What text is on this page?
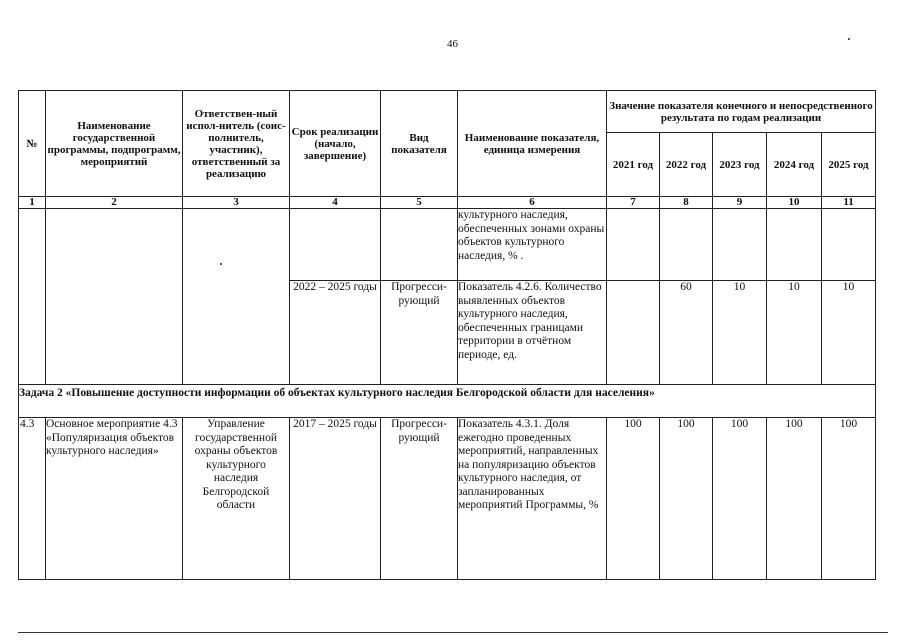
46
№	Наименование государственной программы, подпрограмм, мероприятий	Ответствен-ный испол-нитель (соис-полнитель, участник), ответственный за реализацию	Срок реализации (начало, завершение)	Вид показателя	Наименование показателя, единица измерения	Значение показателя конечного и непосредственного результата по годам реализации				
						2021 год	2022 год	2023 год	2024 год	2025 год
1	2	3	4	5	6	7	8	9	10	11
					культурного наследия, обеспеченных зонами охраны объектов культурного наследия, % .					
			2022 – 2025 годы	Прогресси-рующий	Показатель 4.2.6. Количество выявленных объектов культурного наследия, обеспеченных границами территории в отчётном периоде, ед.		60	10	10	10

Задача 2 «Повышение доступности информации об объектах культурного наследия Белгородской области для населения»										

4.3	Основное мероприятие 4.3 «Популяризация объектов культурного наследия»	Управление государственной охраны объектов культурного наследия Белгородской области	2017 – 2025 годы	Прогресси-рующий	Показатель 4.3.1. Доля ежегодно проведенных мероприятий, направленных на популяризацию объектов культурного наследия, от запланированных мероприятий Программы, %	100	100	100	100	100
